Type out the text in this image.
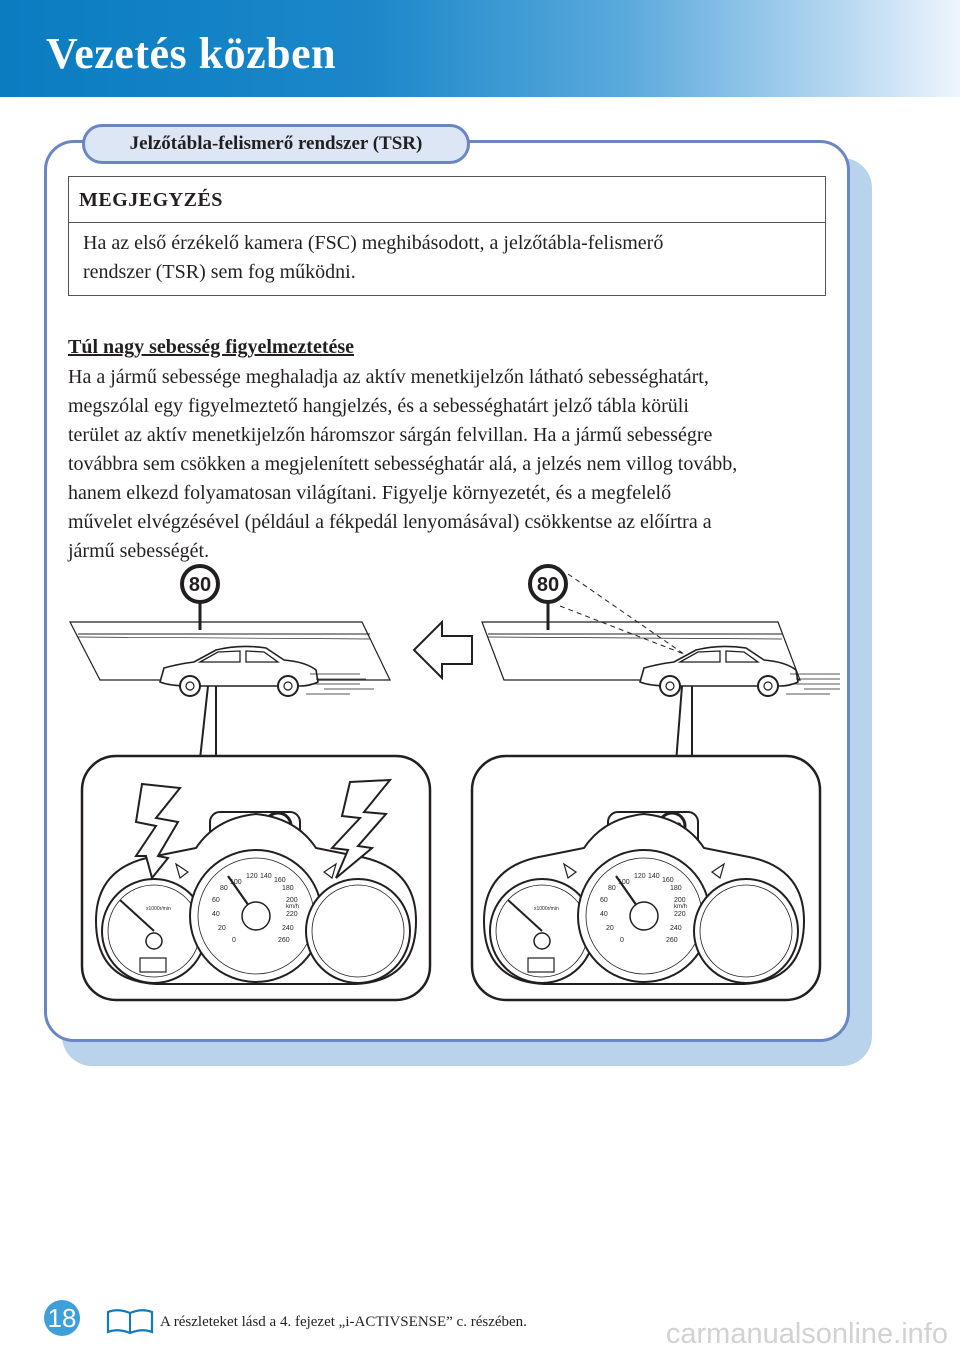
Vezetés közben
Jelzőtábla-felismerő rendszer (TSR)
MEGJEGYZÉS
Ha az első érzékelő kamera (FSC) meghibásodott, a jelzőtábla-felismerő
rendszer (TSR) sem fog működni.
Túl nagy sebesség figyelmeztetése
Ha a jármű sebessége meghaladja az aktív menetkijelzőn látható sebességhatárt,
megszólal egy figyelmeztető hangjelzés, és a sebességhatárt jelző tábla körüli
terület az aktív menetkijelzőn háromszor sárgán felvillan. Ha a jármű sebességre
továbbra sem csökken a megjelenített sebességhatár alá, a jelzés nem villog tovább,
hanem elkezd folyamatosan világítani. Figyelje környezetét, és a megfelelő
művelet elvégzésével (például a fékpedál lenyomásával) csökkentse az előírtra a
jármű sebességét.
80	80
km/h
x1000r/min
0
20
40
60
80
100
120 140
160
180
200
220
240
260
km/h
x1000r/min
0
20
40
60
80
100
120 140
160
180
200
220
240
260
18	A részleteket lásd a 4. fejezet „i-ACTIVSENSE” c. részében.	carmanualsonline.info
